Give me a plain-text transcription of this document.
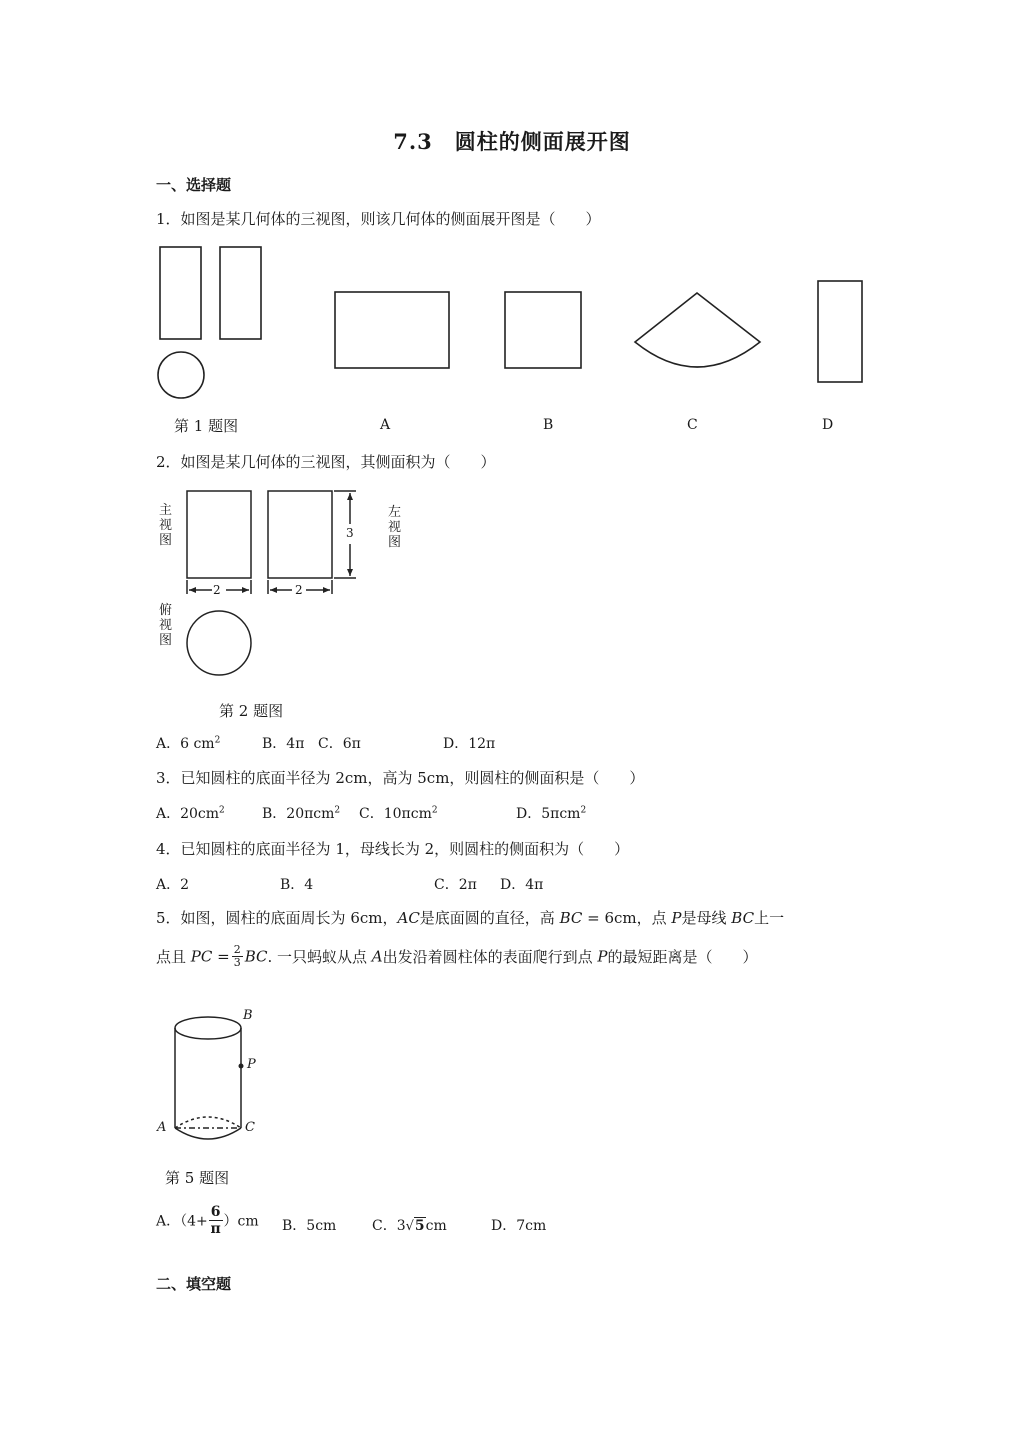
7.3　圆柱的侧面展开图
一、选择题
1．如图是某几何体的三视图，则该几何体的侧面展开图是（　　）
第 1 题图	A	B	C	D
2．如图是某几何体的三视图，其侧面积为（　　）
2	2
3
主视图
左视图
俯视图
第 2 题图
A．6 $cm^2$	B．4π C．6π	D．12π
3．已知圆柱的底面半径为 2cm，高为 5cm，则圆柱的侧面积是（　　）
A．$20cm^2$	B．20πcm$^2$ C．10πcm$^2$	D．5πcm$^2$
4．已知圆柱的底面半径为 1，母线长为 2，则圆柱的侧面积为（　　）
A．2	B．4	C．2π D．4π
5．如图，圆柱的底面周长为 6cm，AC是底面圆的直径，高 BC = 6cm，点 P是母线 BC上一
点且 PC = $\frac{2}{3}$ BC. 一只蚂蚁从点 A出发沿着圆柱体的表面爬行到点 P的最短距离是（　　）
B
P
A	C
第 5 题图
A．$(4+ \frac{6}{\pi})cm$ B．5cm	C．3√5cm	D．7cm
二、填空题
